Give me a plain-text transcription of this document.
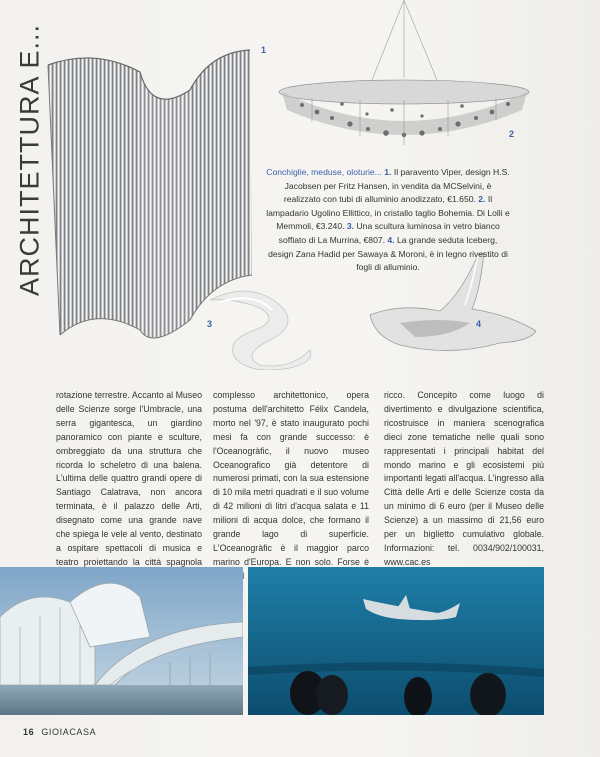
ARCHITETTURA E...	1
2
3	4
Conchiglie, meduse, oloturie... 1. Il paravento Viper, design H.S. Jacobsen per Fritz Hansen, in vendita da MCSelvini, è realizzato con tubi di alluminio anodizzato, €1.650. 2. Il lampadario Ugolino Ellittico, in cristallo taglio Bohemia. Di Lolli e Memmoli, €3.240. 3. Una scultura luminosa in vetro bianco soffiato di La Murrina, €807. 4. La grande seduta Iceberg, design Zana Hadid per Sawaya & Moroni, è in legno rivestito di fogli di alluminio.
rotazione terrestre. Accanto al Museo delle Scienze sorge l'Umbracle, una serra gigantesca, un giardino panoramico con piante e sculture, ombreggiato da una struttura che ricorda lo scheletro di una balena. L'ultima delle quattro grandi opere di Santiago Calatrava, non ancora terminata, è il palazzo delle Arti, disegnato come una grande nave che spiega le vele al vento, destinato a ospitare spettacoli di musica e teatro proiettando la città spagnola
complesso architettonico, opera postuma dell'architetto Félix Candela, morto nel '97, è stato inaugurato pochi mesi fa con grande successo: è l'Oceanogràfic, il nuovo museo Oceanografico già detentore di numerosi primati, con la sua estensione di 10 mila metri quadrati e il suo volume di 42 milioni di litri d'acqua salata e 11 milioni di acqua dolce, che formano il grande lago di superficie. L'Oceanogràfic è il maggior parco marino d'Europa. E non solo. Forse è
ricco. Concepito come luogo di divertimento e divulgazione scientifica, ricostruisce in maniera scenografica dieci zone tematiche nelle quali sono rappresentati i principali habitat del mondo marino e gli ecosistemi più importanti legati all'acqua. L'ingresso alla Città delle Arti e delle Scienze costa da un minimo di 6 euro (per il Museo delle Scienze) a un massimo di 21,56 euro per un biglietto cumulativo globale. Informazioni: tel. 0034/902/100031, www.cac.es
16 GIOIACASA
